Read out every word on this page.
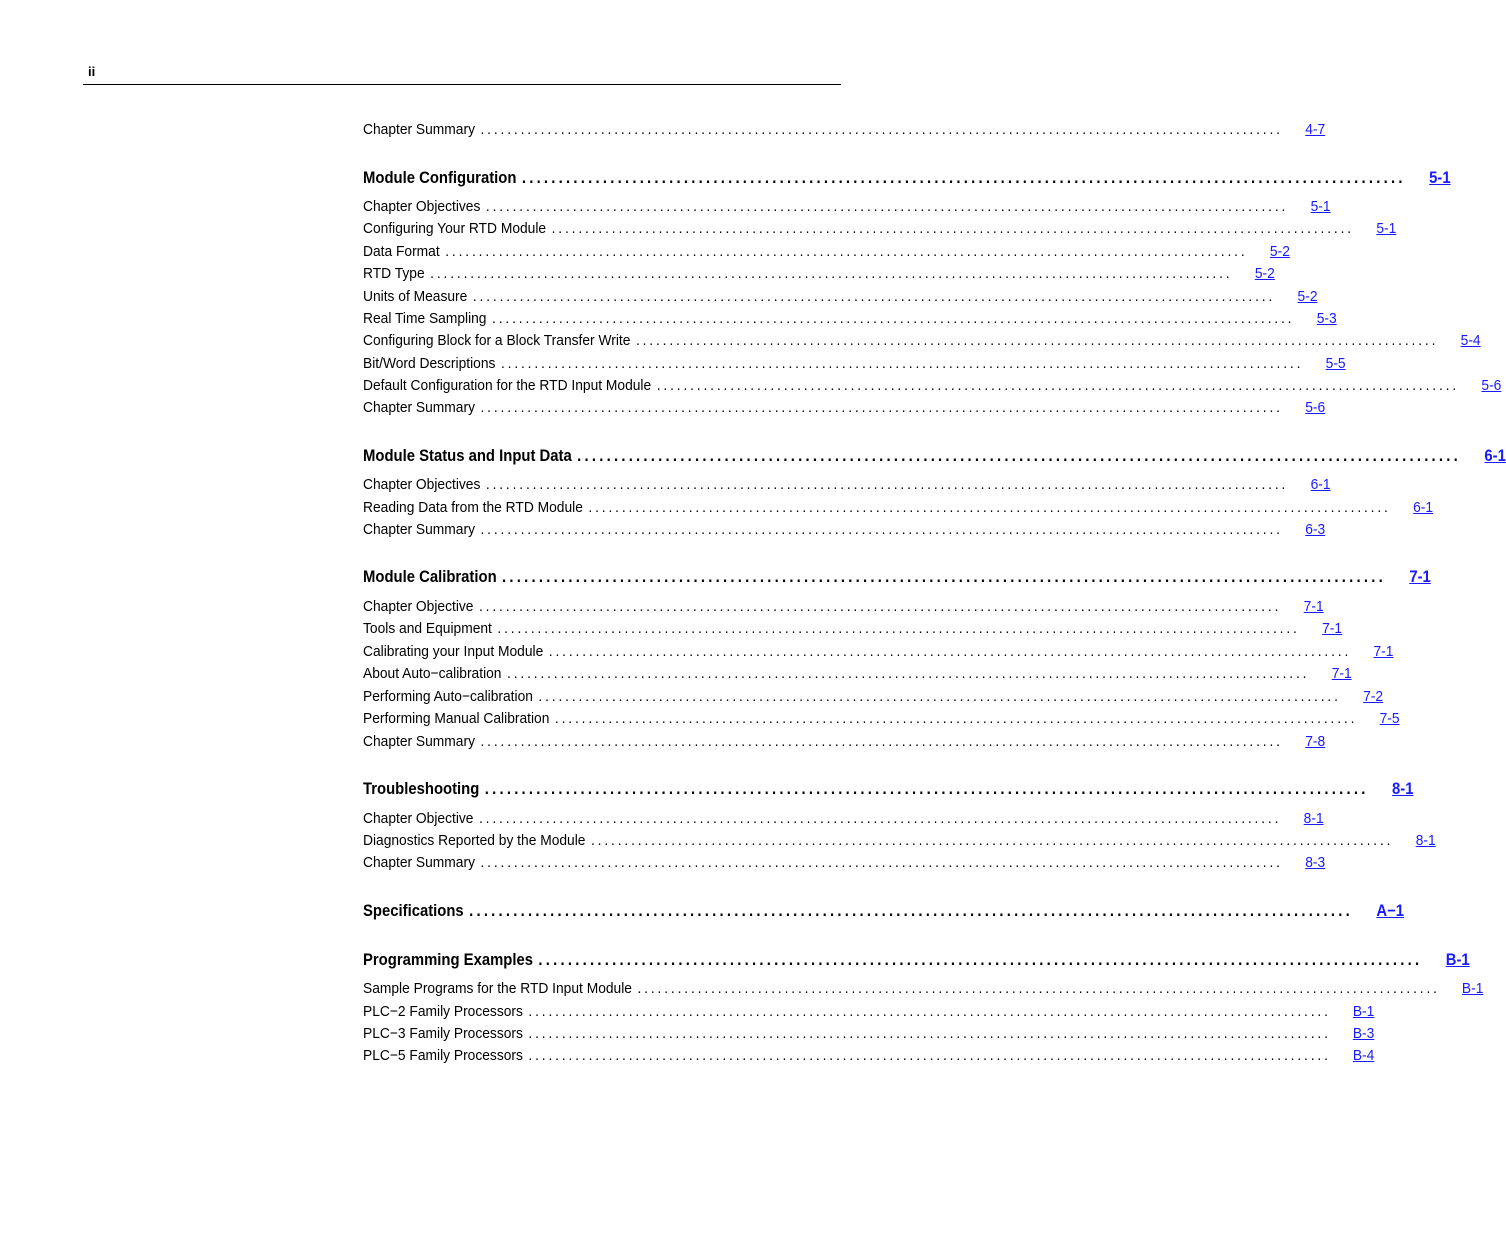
ii
Chapter Summary ........................................................................................................................ 4-7
Module Configuration ........................................................................................................................ 5-1
Chapter Objectives ........................................................................................................................ 5-1
Configuring Your RTD Module ........................................................................................................................ 5-1
Data Format ........................................................................................................................ 5-2
RTD Type ........................................................................................................................ 5-2
Units of Measure ........................................................................................................................ 5-2
Real Time Sampling ........................................................................................................................ 5-3
Configuring Block for a Block Transfer Write ........................................................................................................................ 5-4
Bit/Word Descriptions ........................................................................................................................ 5-5
Default Configuration for the RTD Input Module ........................................................................................................................ 5-6
Chapter Summary ........................................................................................................................ 5-6
Module Status and Input Data ........................................................................................................................ 6-1
Chapter Objectives ........................................................................................................................ 6-1
Reading Data from the RTD Module ........................................................................................................................ 6-1
Chapter Summary ........................................................................................................................ 6-3
Module Calibration ........................................................................................................................ 7-1
Chapter Objective ........................................................................................................................ 7-1
Tools and Equipment ........................................................................................................................ 7-1
Calibrating your Input Module ........................................................................................................................ 7-1
About Auto−calibration ........................................................................................................................ 7-1
Performing Auto−calibration ........................................................................................................................ 7-2
Performing Manual Calibration ........................................................................................................................ 7-5
Chapter Summary ........................................................................................................................ 7-8
Troubleshooting ........................................................................................................................ 8-1
Chapter Objective ........................................................................................................................ 8-1
Diagnostics Reported by the Module ........................................................................................................................ 8-1
Chapter Summary ........................................................................................................................ 8-3
Specifications ........................................................................................................................ A−1
Programming Examples ........................................................................................................................ B-1
Sample Programs for the RTD Input Module ........................................................................................................................ B-1
PLC−2 Family Processors ........................................................................................................................ B-1
PLC−3 Family Processors ........................................................................................................................ B-3
PLC−5 Family Processors ........................................................................................................................ B-4
